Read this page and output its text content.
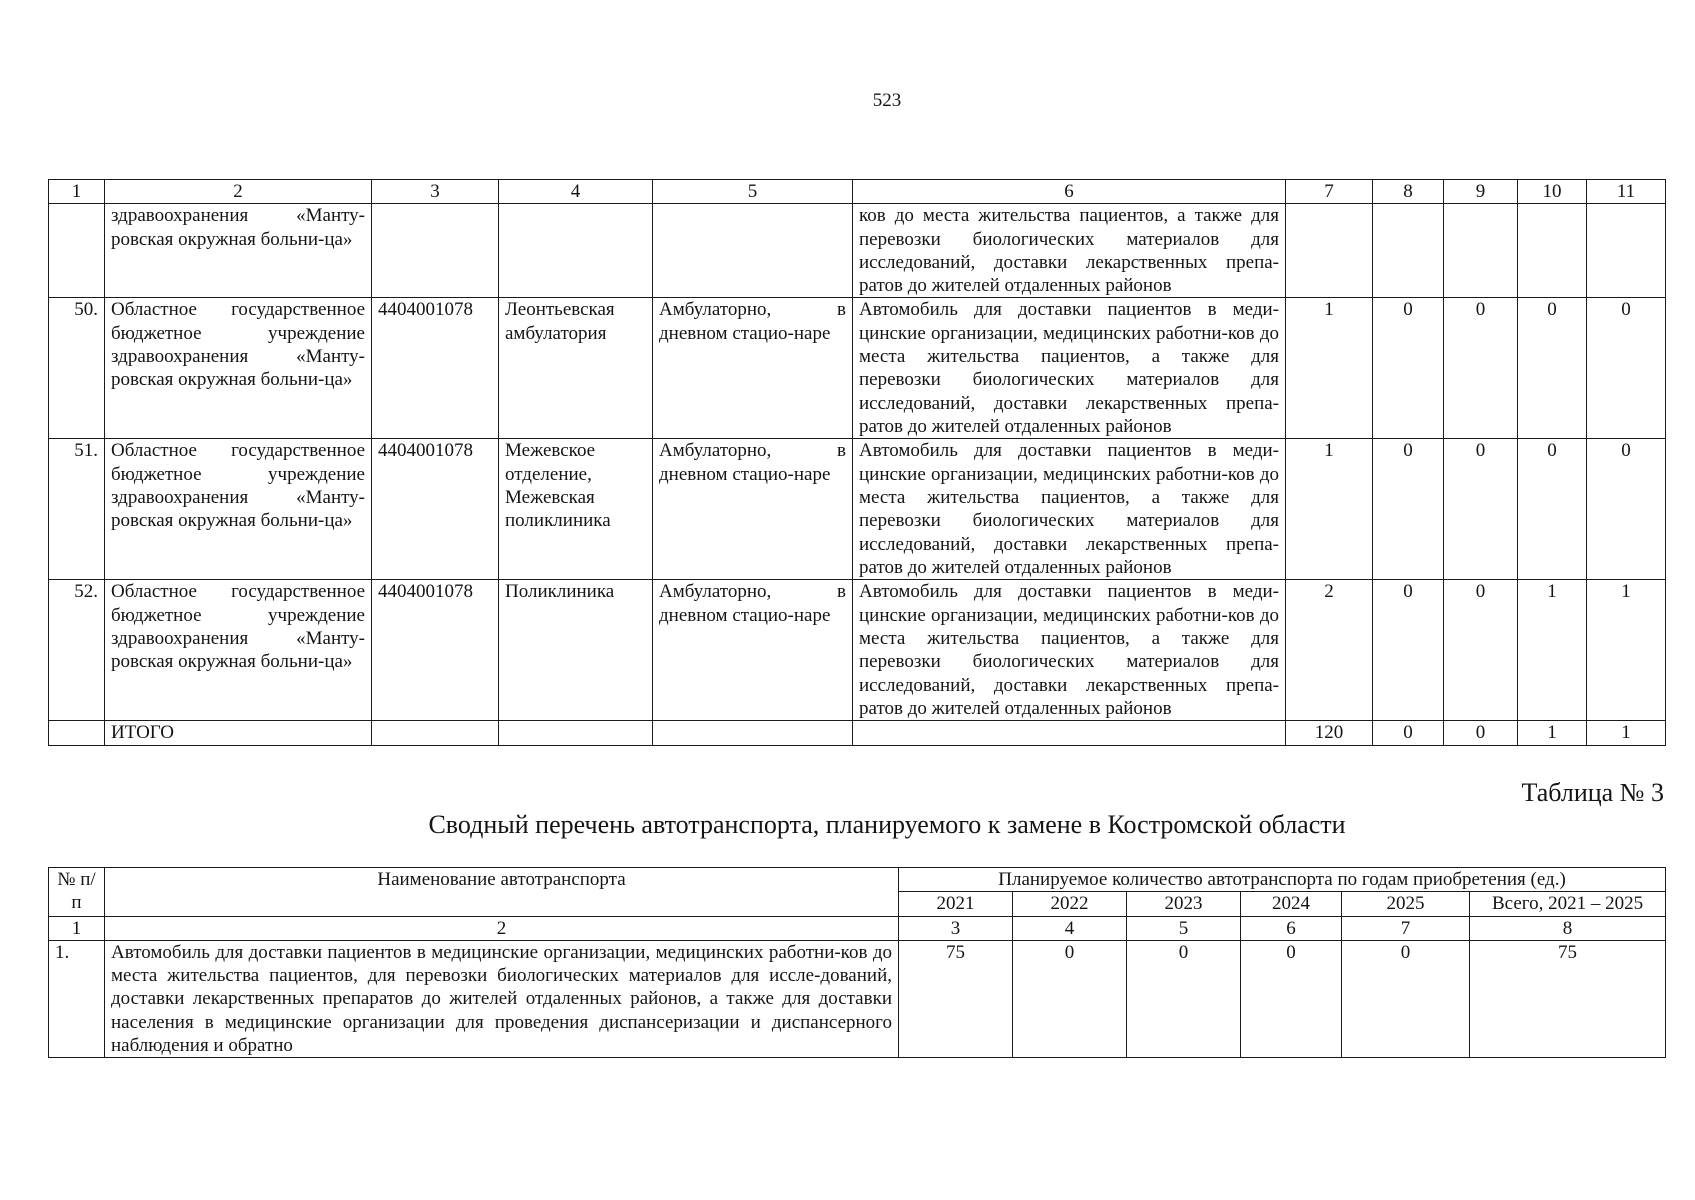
523
1	2	3	4	5	6	7	8	9	10	11
	здравоохранения «Манту-ровская окружная больни-ца»				ков до места жительства пациентов, а также для перевозки биологических материалов для исследований, доставки лекарственных препа-ратов до жителей отдаленных районов					
50.	Областное государственное бюджетное учреждение здравоохранения «Манту-ровская окружная больни-ца»	4404001078	Леонтьевская амбулатория	Амбулаторно, в дневном стацио-наре	Автомобиль для доставки пациентов в меди-цинские организации, медицинских работни-ков до места жительства пациентов, а также для перевозки биологических материалов для исследований, доставки лекарственных препа-ратов до жителей отдаленных районов	1	0	0	0	0
51.	Областное государственное бюджетное учреждение здравоохранения «Манту-ровская окружная больни-ца»	4404001078	Межевское отделение, Межевская поликлиника	Амбулаторно, в дневном стацио-наре	Автомобиль для доставки пациентов в меди-цинские организации, медицинских работни-ков до места жительства пациентов, а также для перевозки биологических материалов для исследований, доставки лекарственных препа-ратов до жителей отдаленных районов	1	0	0	0	0
52.	Областное государственное бюджетное учреждение здравоохранения «Манту-ровская окружная больни-ца»	4404001078	Поликлиника	Амбулаторно, в дневном стацио-наре	Автомобиль для доставки пациентов в меди-цинские организации, медицинских работни-ков до места жительства пациентов, а также для перевозки биологических материалов для исследований, доставки лекарственных препа-ратов до жителей отдаленных районов	2	0	0	1	1
	ИТОГО					120	0	0	1	1
Таблица № 3
Сводный перечень автотранспорта, планируемого к замене в Костромской области
№ п/п	Наименование автотранспорта	Планируемое количество автотранспорта по годам приобретения (ед.)					
		2021	2022	2023	2024	2025	Всего, 2021 – 2025
1	2	3	4	5	6	7	8
1.	Автомобиль для доставки пациентов в медицинские организации, медицинских работни-ков до места жительства пациентов, для перевозки биологических материалов для иссле-дований, доставки лекарственных препаратов до жителей отдаленных районов, а также для доставки населения в медицинские организации для проведения диспансеризации и диспансерного наблюдения и обратно	75	0	0	0	0	75
